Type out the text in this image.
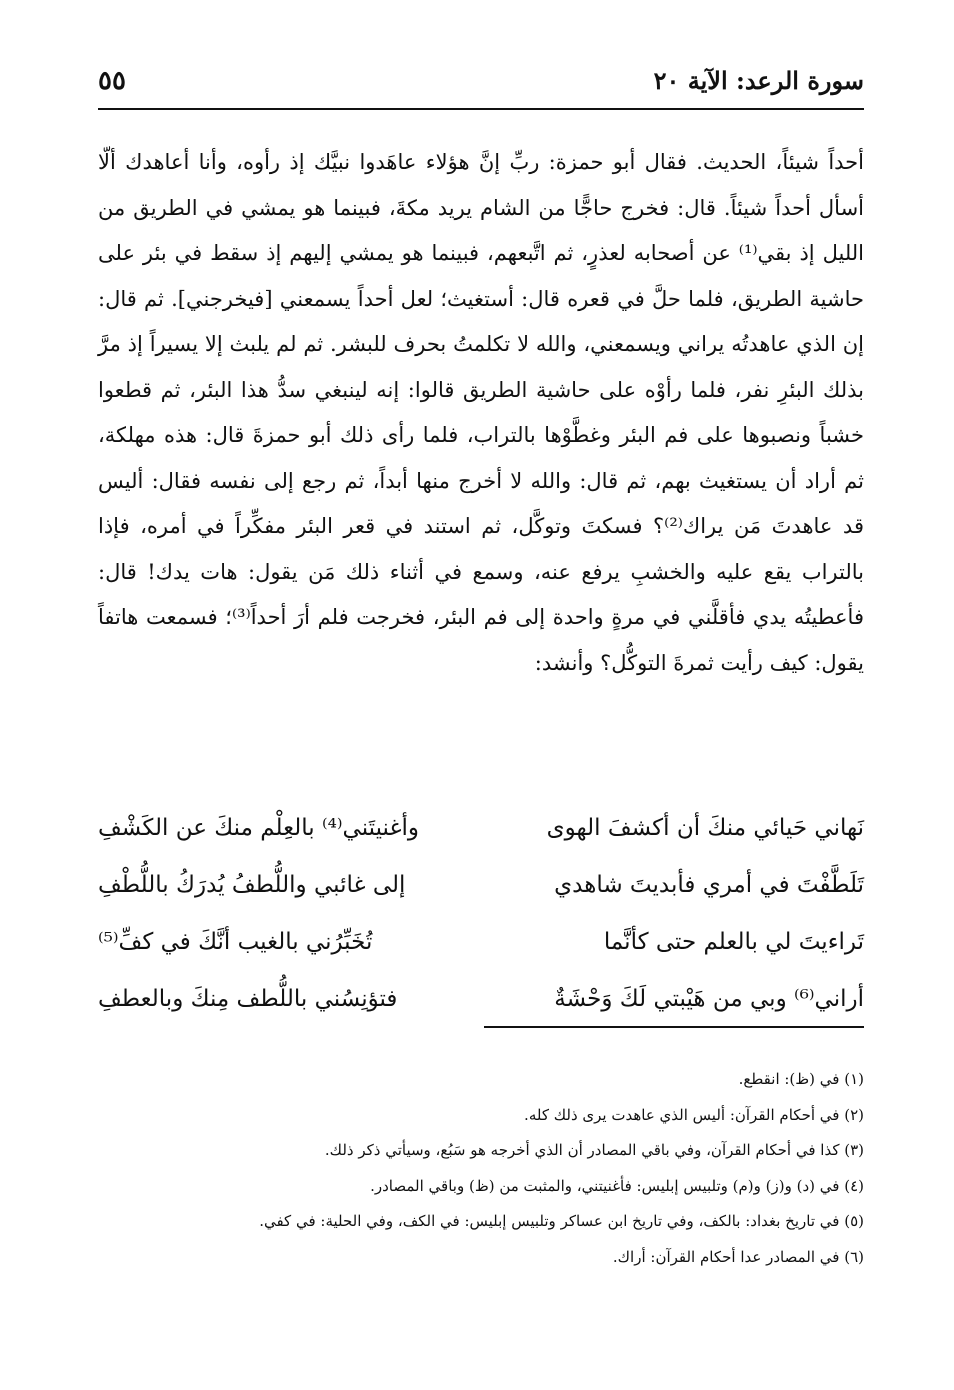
سورة الرعد: الآية ٢٠
٥٥

أحداً شيئاً، الحديث. فقال أبو حمزة: ربِّ إنَّ هؤلاء عاهَدوا نبيَّك إذ رأوه، وأنا أعاهدك ألّا أسأل أحداً شيئاً. قال: فخرج حاجًّا من الشام يريد مكةَ، فبينما هو يمشي في الطريق من الليل إذ بقي⁽¹⁾ عن أصحابه لعذرٍ، ثم اتَّبعهم، فبينما هو يمشي إليهم إذ سقط في بئر على حاشية الطريق، فلما حلَّ في قعره قال: أستغيث؛ لعل أحداً يسمعني [فيخرجني]. ثم قال: إن الذي عاهدتُه يراني ويسمعني، والله لا تكلمتُ بحرف للبشر. ثم لم يلبث إلا يسيراً إذ مرَّ بذلك البئرِ نفر، فلما رأوْه على حاشية الطريق قالوا: إنه لينبغي سدُّ هذا البئر، ثم قطعوا خشباً ونصبوها على فم البئر وغطَّوْها بالتراب، فلما رأى ذلك أبو حمزةَ قال: هذه مهلكة، ثم أراد أن يستغيث بهم، ثم قال: والله لا أخرج منها أبداً، ثم رجع إلى نفسه فقال: أليس قد عاهدتَ مَن يراك⁽²⁾؟ فسكتَ وتوكَّل، ثم استند في قعر البئر مفكِّراً في أمره، فإذا بالتراب يقع عليه والخشبِ يرفع عنه، وسمع في أثناء ذلك مَن يقول: هات يدك! قال: فأعطيتُه يدي فأقلَّني في مرةٍ واحدة إلى فم البئر، فخرجت فلم أرَ أحداً⁽³⁾؛ فسمعت هاتفاً يقول: كيف رأيت ثمرةَ التوكُّل؟ وأنشد:

نَهاني حَيائي منكَ أن أكشفَ الهوى
وأغنيتَني⁽⁴⁾ بالعِلْم منكَ عن الكَشْفِ
تَلَطَّفْتَ في أمري فأبديتَ شاهدي
إلى غائبي واللُّطفُ يُدرَكُ باللُّطْفِ
تَراءيتَ لي بالعلم حتى كأنَّما
تُخَبِّرُني بالغيب أنَّكَ في كفِّ⁽⁵⁾
أراني⁽⁶⁾ وبي من هَيْبتي لَكَ وَحْشَةٌ
فتؤنِسُني باللُّطف مِنكَ وبالعطفِ

(١) في (ظ): انقطع.

(٢) في أحكام القرآن: أليس الذي عاهدت يرى ذلك كله.

(٣) كذا في أحكام القرآن، وفي باقي المصادر أن الذي أخرجه هو سَبُع، وسيأتي ذكر ذلك.

(٤) في (د) و(ز) و(م) وتلبيس إبليس: فأغنيتني، والمثبت من (ظ) وباقي المصادر.

(٥) في تاريخ بغداد: بالكف، وفي تاريخ ابن عساكر وتلبيس إبليس: في الكف، وفي الحلية: في كفي.

(٦) في المصادر عدا أحكام القرآن: أراك.
